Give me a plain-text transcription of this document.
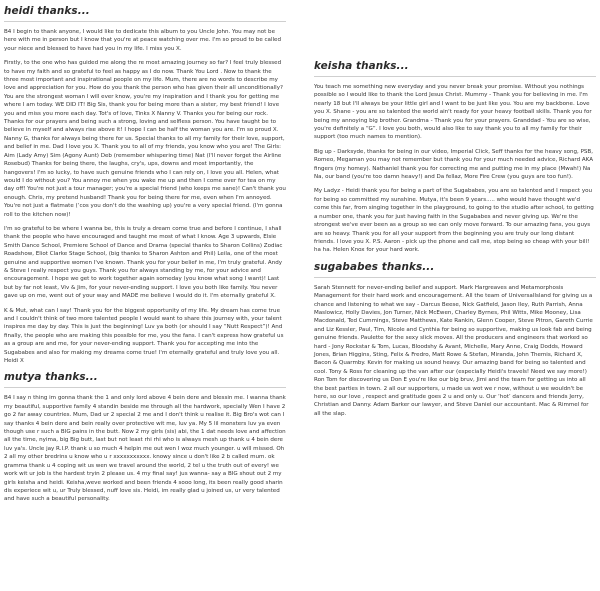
heidi thanks...

B4 I begin to thank anyone, I would like to dedicate this album to you Uncle John. You may not be here with me in person but I know that you're at peace watching over me. I'm so proud to be called your niece and blessed to have had you in my life. I miss you X.

Firstly, to the one who has guided me along the re most amazing journey so far? I feel truly blessed to have my faith and so grateful to feel as happy as I do now. Thank You Lord . Now to thank the three most important and inspirational people on my life. Mum, there are no words to describe my love and appreciation for you. How do you thank the person who has given their all unconditionally? You are the strongest woman I will ever know, you're my inspiration and I thank you for getting me where I am today. WE DID IT! Big Sis, thank you for being more than a sister, my best friend! I love you and miss you more each day. Tot's of love, Tinks X Nanny V. Thanks you for being our rock. Thanks for our prayers and being such a strong, loving and selfless person. You have taught be to believe in myself and always rise above it! I hope I can be half the woman you are. I'm so proud X. Nanny G, thanks for always being there for us. Special thanks to all my family for their love, support, and belief in me. Dad I love you X. Thank you to all of my friends, you know who you are! The Girls: Aim (Lady Amy) Sim (Agony Aunt) Deb (remember whispering time) Nat (I'll never forget the Airline Rosebud) Thanks for being there, the laughs, cry's, ups, downs and most importantly, the hangovers! I'm so lucky, to have such genuine friends who I can rely on, I love you all. Helen, what would I do without you? You annoy me when you wake me up and then I come over for tea on my day off! You're not just a tour manager; you're a special friend (who keeps me sane)! Can't thank you enough. Chris, my pretend husband! Thank you for being there for me, even when I'm annoyed. You're not just a flatmate (‘cos you don't do the washing up) you're a very special friend. (I'm gonna roll to the kitchen now)!

I'm so grateful to be where I wanna be, this is truly a dream come true and before I continue, I shall thank the people who have encouraged and taught me most of what I know. Age 3 upwards, Elsie Smith Dance School, Premiere School of Dance and Drama (special thanks to Sharon Collins) Zodiac Roadshow, Eliot Clarke Stage School, (big thanks to Sharon Ashton and Phil) Leila, one of the most genuine and supportive women I've known. Thank you for your belief in me, I'm truly grateful. Andy & Steve I really respect you guys. Thank you for always standing by me, for your advice and encouragement. I hope we get to work together again someday (you know what song I want)! Last but by far not least, Viv & Jim, for your never-ending support. I love you both like family. You never gave up on me, went out of your way and MADE me believe I would do it. I'm eternally grateful X.

K & Mut, what can I say! Thank you for the biggest opportunity of my life. My dream has come true and I couldn't think of two more talented people I would want to share this journey with, your talent inspires me day by day. This is just the beginning! Luv ya both (or should I say “Nutt Respect”)! And finally, the people who are making this possible for me, you the fans. I can't express how grateful us as a group are and me, for your never-ending support. Thank you for accepting me into the Sugababes and also for making my dreams come true! I'm eternally grateful and truly love you all. Heidi X

mutya thanks...

B4 I say n thing im gonna thank the 1 and only lord above 4 bein dere and blessin me. I wanna thank my beautiful, supportive family 4 standin beside me through all the hardwork, specially Wen I have 2 go 2 far away countries. Mum, Dad ur 2 special 2 me and I don't think u realise it. Big Bro's wot can I say thanks 4 bein dere and bein really over protective wit me, luv ya. My 5 lil monsters luv ya even though use r such a BIG pains in the butt. Now 2 my girls (sis) abi, the 1 dat needs love and affection all the time, nyima, big Big butt, last but not least rhi rhi who is always mesh up thank u 4 bein dere luv ya's. Uncle jay R.I.P. thank u so much 4 helpin me out wen I woz much younger. u will missed. Oh 2 all my other bredrins u know who u r xxxxxxxxxxx. knowy since u don't like 2 b called mum. ok gramma thank u 4 coping wit us wen we travel around the world, 2 tel u the truth out of every! we work wit ur job is the hardest tryin 2 please us. 4 my final say! jus wanna- say a BIG shout out 2 my girls keisha and heidi. Keisha,weve worked and been friends 4 sooo long, its been really good sharin dis experiece wit u, ur Truly blessed, nuff love sis. Heidi, im really glad u joined us, ur very talented and have such a beautiful personality.

keisha thanks...

You teach me something new everyday and you never break your promise. Without you nothings possible so I would like to thank the Lord Jesus Christ. Mummy - Thank you for believing in me. I'm nearly 18 but I'll always be your little girl and I want to be just like you. You are my backbone. Love you X. Shane - you are so talented the world ain't ready for your heavy football skills. Thank you for being my annoying big brother. Grandma - Thank you for your prayers. Granddad - You are so wise, you're definitely a “G”. I love you both, would also like to say thank you to all my family for their support (too much names to mention).

Big up - Darksyde, thanks for being in our video, Imperial Click, Seff thanks for the heavy song, PSB, Romeo, Megaman you may not remember but thank you for your much needed advice, Richard AKA fingers (my homey). Nathaniel thank you for correcting me and putting me in my place (Mwah!) Na Na, our band (you're too damn heavy!) and Da fellaz, More Fire Crew (you guys are too fun!).

My Ladyz - Heidi thank you for being a part of the Sugababes, you are so talented and I respect you for being so committed my sunshine. Mutya, it's been 9 years..... who would have thought we'd come this far, from singing together in the playground, to going to the studio after school, to getting a number one, thank you for just having faith in the Sugababes and never giving up. We're the strongest we've ever been as a group so we can only move forward. To our amazing fans, you guys are so heavy. Thank you for all your support from the beginning you are truly our long distant friends. I love you X. P.S. Aaron - pick up the phone and call me, stop being so cheap with your bill! ha ha. Helen Knox for your hard work.

sugababes thanks...

Sarah Stennett for never-ending belief and support. Mark Hargreaves and Metamorphosis Management for their hard work and encouragement. All the team of UniversalIsland for giving us a chance and listening to what we say - Darcus Beese, Nick Gatfield, Jason Iley, Ruth Parrish, Anna Maslowicz, Holly Davies, Jon Turner, Nick McEwen, Charley Byrnes, Phil Witts, Mike Mooney, Lisa Macdonald, Ted Cummings, Steve Matthews, Kate Rankin, Glenn Cooper, Steve Pitron, Gareth Currie and Liz Kessler, Paul, Tim, Nicole and Cynthia for being so supportive, making us look fab and being genuine friends. Paulette for the sexy slick moves. All the producers and engineers that worked so hard - Jony Rockstar & Tom, Lucas, Bloodshy & Avant, Michelle, Mary Anne, Craig Dodds, Howard Jones, Brian Higgins, Sting, Felix & Fredro, Matt Rowe & Stefan, Miranda, John Themis, Richard X, Bacon & Quarmby. Kevin for making us sound heavy. Our amazing band for being so talented and cool. Tony & Ross for cleaning up the van after our (especially Heidi's travels! Need we say more!) Ron Tom for discovering us Don E you're like our big bruv, Jimi and the team for getting us into all the best parties in town. 2 all our supporters, u made us wot we r now, without u we wouldn't be here, so our love , respect and gratitude goes 2 u and only u. Our ‘hot’ dancers and friends Jerry, Christian and Danny. Adam Barker our lawyer, and Steve Daniel our accountant. Mac & Rimmel for all the slap.
